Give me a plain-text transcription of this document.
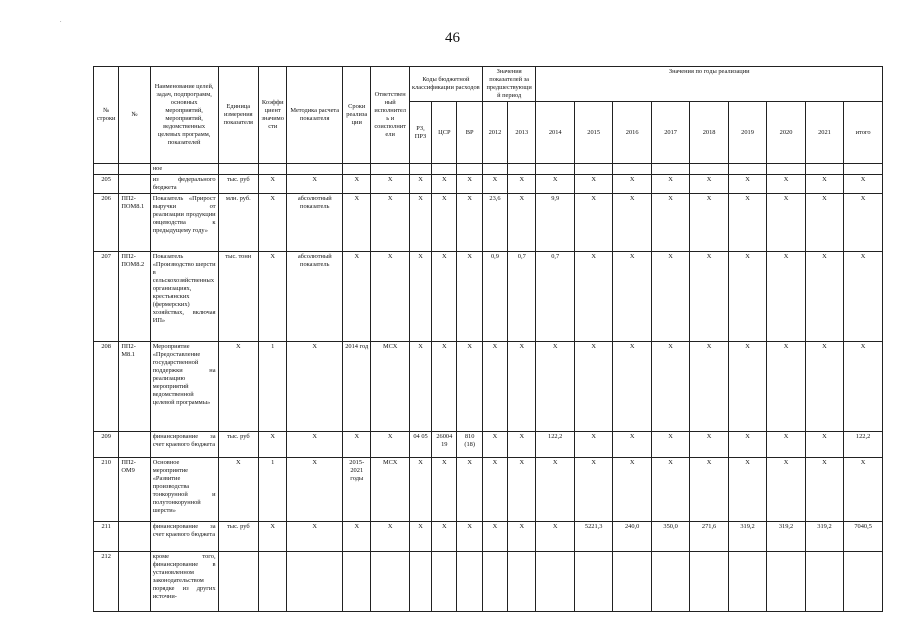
.
46
№ строки	№	Наименование целей, задач, подпрограмм, основных мероприятий, мероприятий, ведомственных целевых программ, показателей	Единица измерения показателя	Коэффициент значимости	Методика расчета показателя	Сроки реализации	Ответственный исполнитель и соисполнители	Коды бюджетной классификации расходов			Значения показателей за предшествующий период		Значения по годы реализации								
								РЗ, ПРЗ	ЦСР	ВР	2012	2013	2014	2015	2016	2017	2018	2019	2020	2021	итого
		ное																			
205		из федерального бюджета	тыс. руб	X	X	X	X	X	X	X	X	X	X	X	X	X	X	X	X	X	X
206	ПП2-ПОМ8.1	Показатель «Прирост выручки от реализации продукции овцеводства к предыдущему году»	млн. руб.	X	абсолютный показатель	X	X	X	X	X	23,6	X	9,9	X	X	X	X	X	X	X	X
207	ПП2-ПОМ8.2	Показатель «Производство шерсти в сельскохозяйственных организациях, крестьянских (фермерских) хозяйствах, включая ИП»	тыс. тонн	X	абсолютный показатель	X	X	X	X	X	0,9	0,7	0,7	X	X	X	X	X	X	X	X
208	ПП2-М8.1	Мероприятие «Предоставление государственной поддержки на реализацию мероприятий ведомственной целевой программы»	X	1	X	2014 год	МСХ	X	X	X	X	X	X	X	X	X	X	X	X	X	X
209		финансирование за счет краевого бюджета	тыс. руб	X	X	X	X	04 05	26004 19	810 (18)	X	X	122,2	X	X	X	X	X	X	X	122,2
210	ПП2-ОМ9	Основное мероприятие «Развитие производства тонкорунной и полутонкорунной шерсти»	X	1	X	2015-2021 годы	МСХ	X	X	X	X	X	X	X	X	X	X	X	X	X	X
211		финансирование за счет краевого бюджета	тыс. руб	X	X	X	X	X	X	X	X	X	X	5221,3	240,0	350,0	271,6	319,2	319,2	319,2	7040,5
212		кроме того, финансирование в установленном законодательством порядке из других источни-																			
